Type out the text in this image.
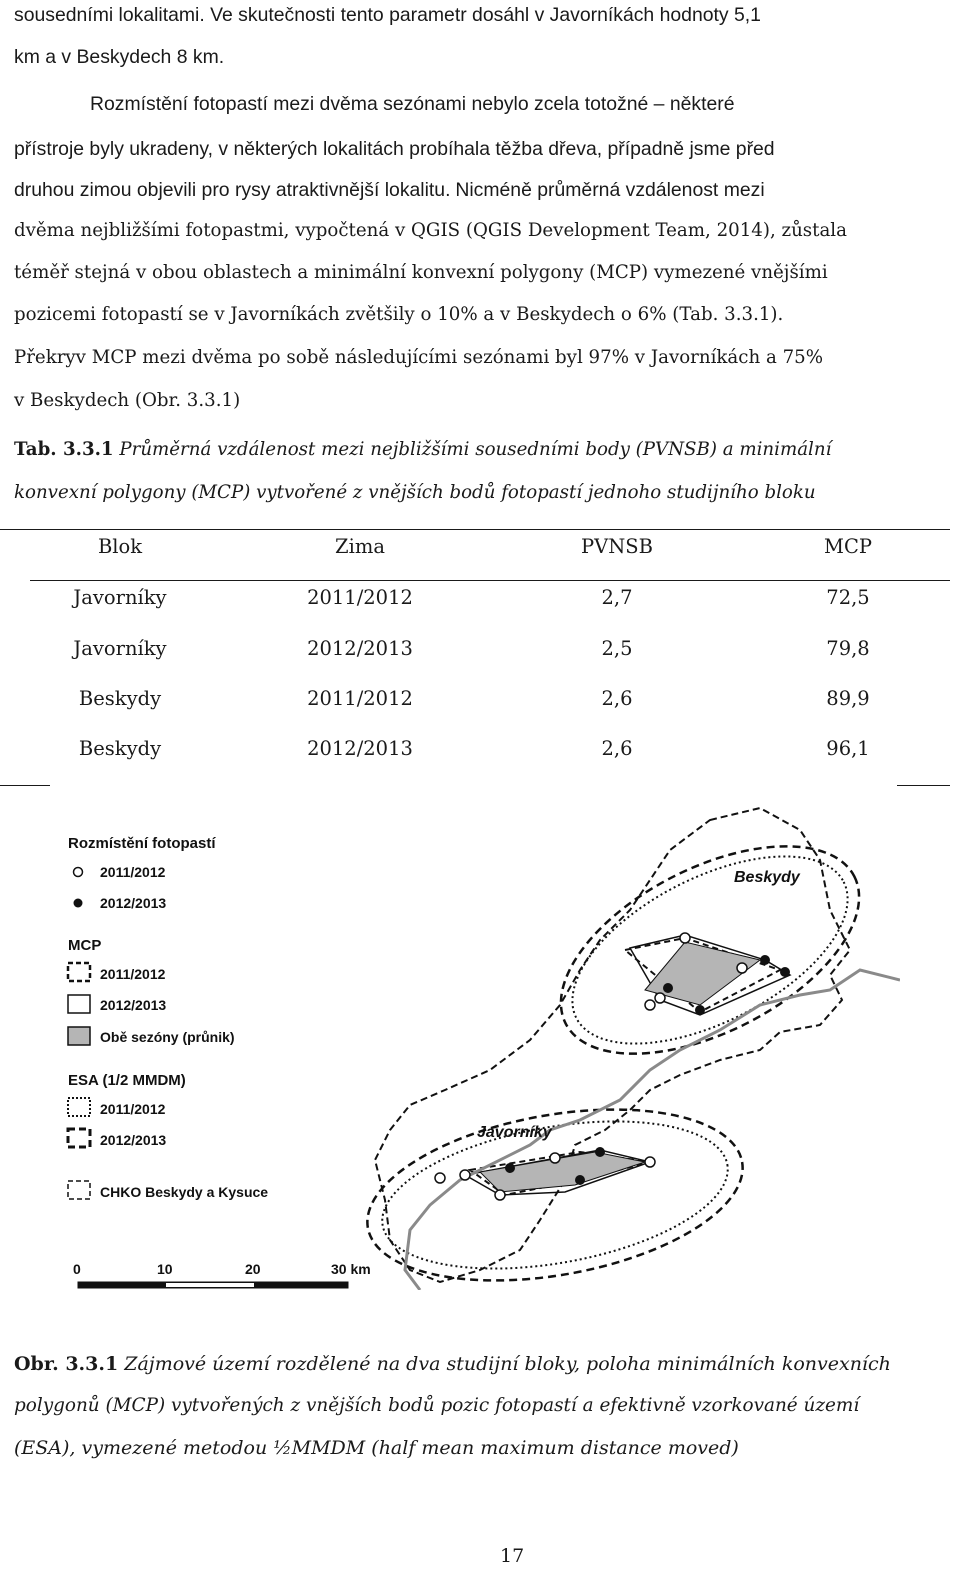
sousedními lokalitami. Ve skutečnosti tento parametr dosáhl v Javorníkách hodnoty 5,1
km a v Beskydech 8 km.
Rozmístění fotopastí mezi dvěma sezónami nebylo zcela totožné – některé
přístroje byly ukradeny, v některých lokalitách probíhala těžba dřeva, případně jsme před
druhou zimou objevili pro rysy atraktivnější lokalitu. Nicméně průměrná vzdálenost mezi
dvěma nejbližšími fotopastmi, vypočtená v QGIS (QGIS Development Team, 2014), zůstala
téměř stejná v obou oblastech a minimální konvexní polygony (MCP) vymezené vnějšími
pozicemi fotopastí se v Javorníkách zvětšily o 10% a v Beskydech o 6% (Tab. 3.3.1).
Překryv MCP mezi dvěma po sobě následujícími sezónami byl 97% v Javorníkách a 75%
v Beskydech (Obr. 3.3.1)
Tab. 3.3.1 Průměrná vzdálenost mezi nejbližšími sousedními body (PVNSB) a minimální
konvexní polygony (MCP) vytvořené z vnějších bodů fotopastí jednoho studijního bloku
Blok	Zima	PVNSB	MCP
Javorníky	2011/2012	2,7	72,5
Javorníky	2012/2013	2,5	79,8
Beskydy	2011/2012	2,6	89,9
Beskydy	2012/2013	2,6	96,1
Beskydy
Javorníky
Rozmístění fotopastí
2011/2012
2012/2013
MCP
2011/2012
2012/2013
Obě sezóny (průnik)
ESA (1/2 MMDM)
2011/2012
2012/2013
CHKO Beskydy a Kysuce
0	10	20	30 km
Obr. 3.3.1 Zájmové území rozdělené na dva studijní bloky, poloha minimálních konvexních
polygonů (MCP) vytvořených z vnějších bodů pozic fotopastí a efektivně vzorkované území
(ESA), vymezené metodou ½MMDM (half mean maximum distance moved)
17
